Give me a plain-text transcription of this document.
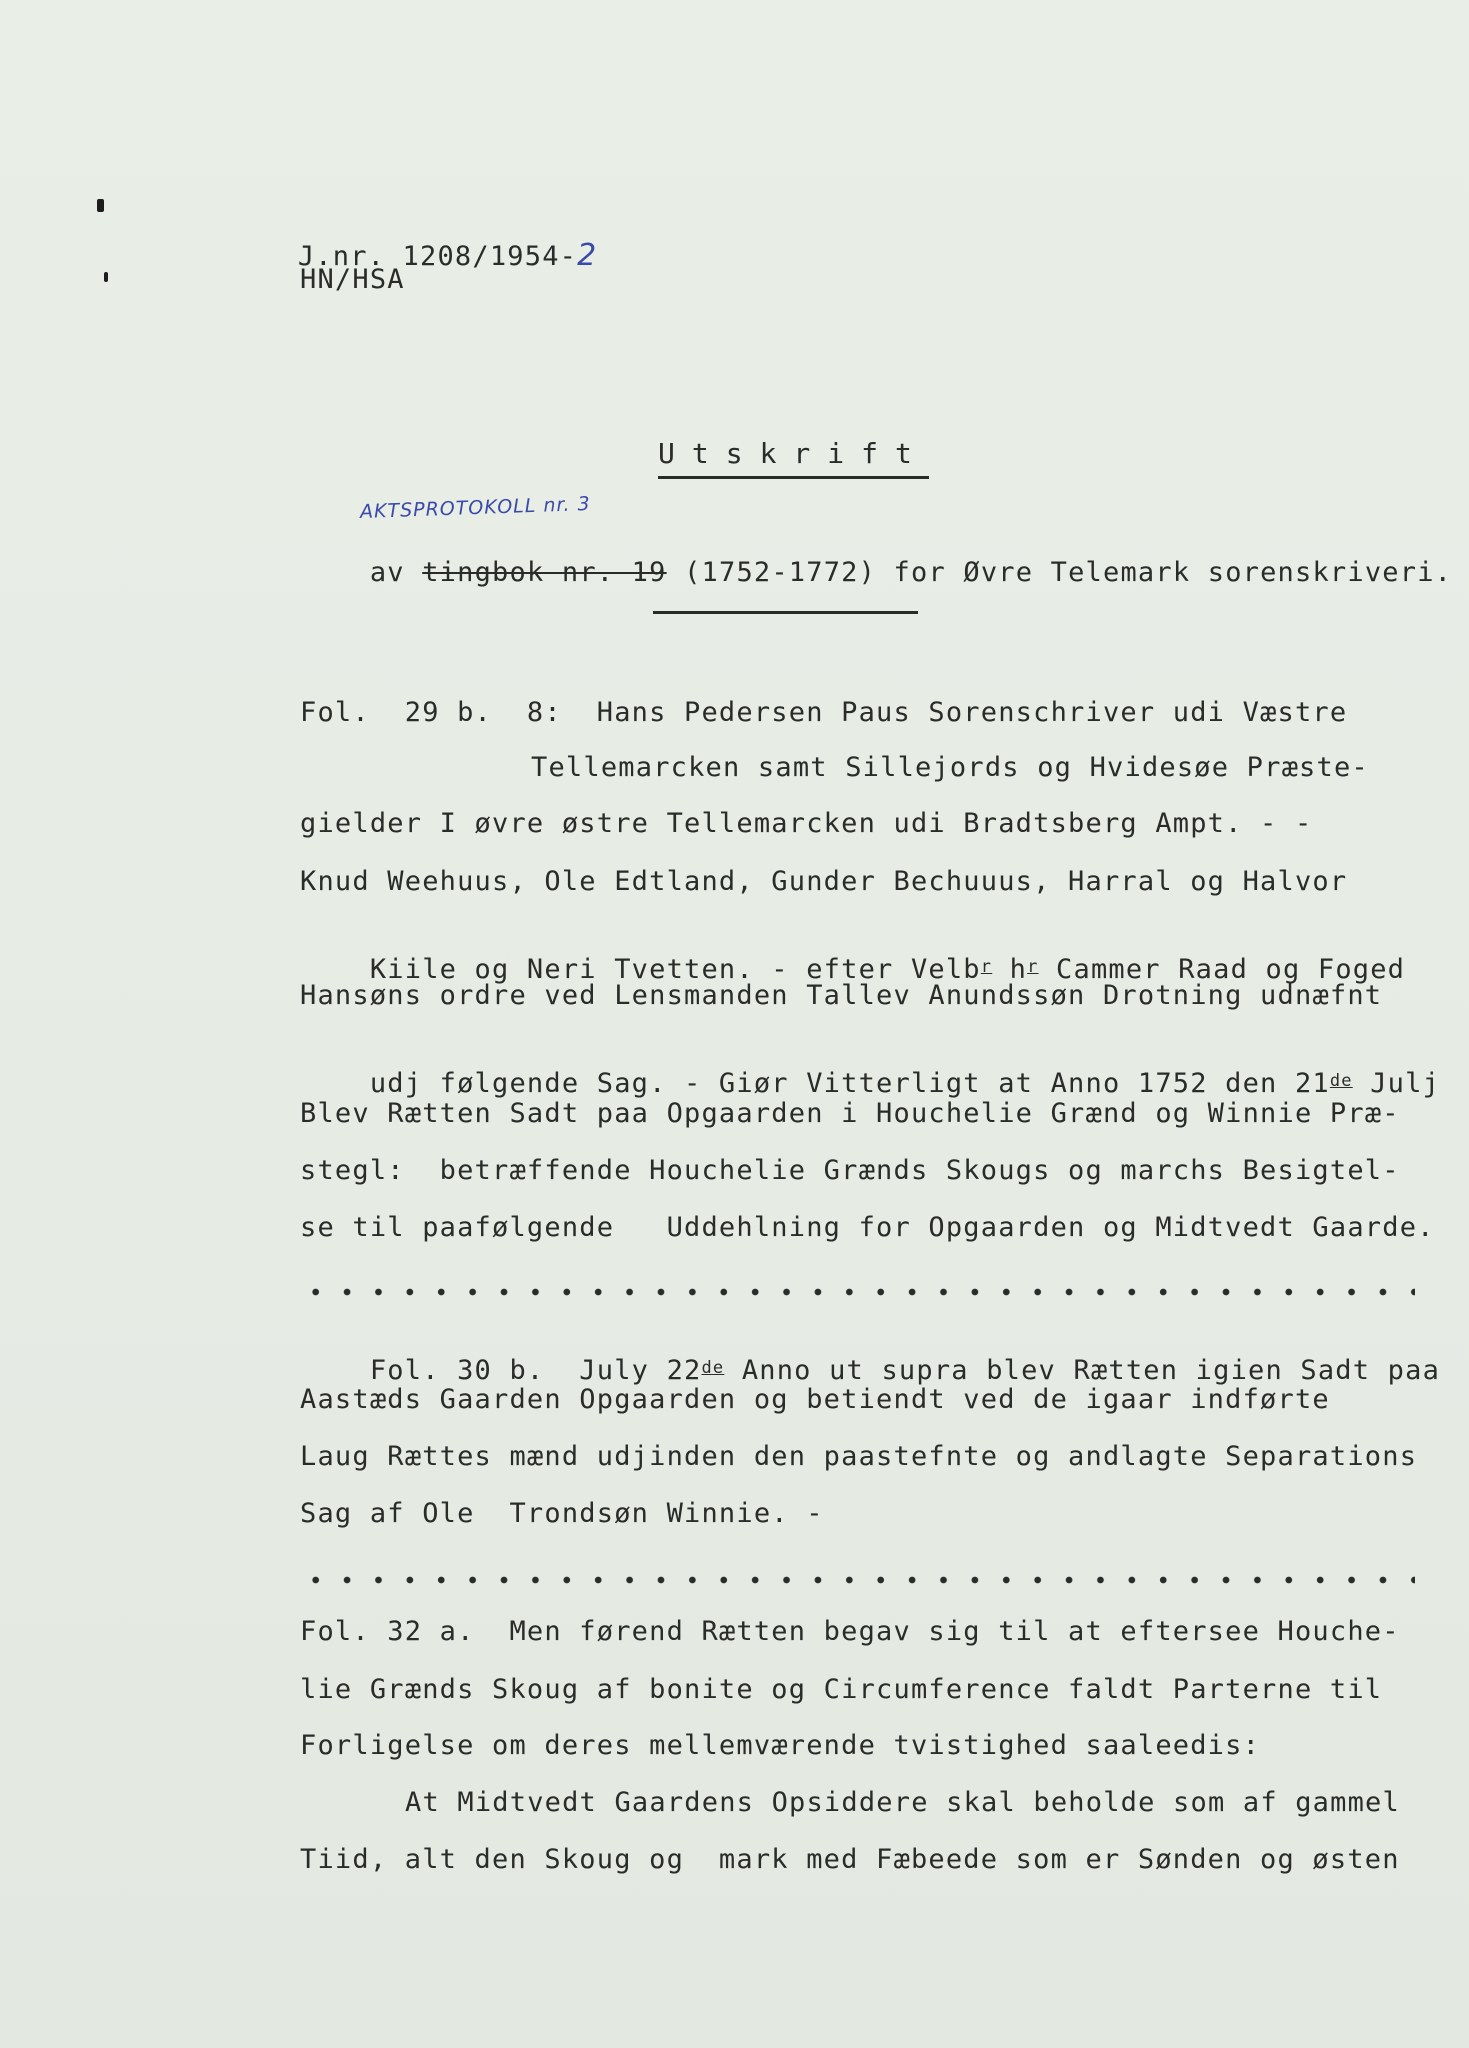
J.nr. 1208/1954-2

HN/HSA
Utskrift
AKTSPROTOKOLL nr. 3

av tingbok nr. 19 (1752-1772) for Øvre Telemark sorenskriveri.

Fol.  29 b.  8:  Hans Pedersen Paus Sorenschriver udi Væstre
Tellemarcken samt Sillejords og Hvidesøe Præste-
gielder I øvre østre Tellemarcken udi Bradtsberg Ampt. - -
Knud Weehuus, Ole Edtland, Gunder Bechuuus, Harral og Halvor

Kiile og Neri Tvetten. - efter Velb$^r$ $h^r$ Cammer Raad og Foged

Hansøns ordre ved Lensmanden Tallev Anundssøn Drotning udnæfnt

udj følgende Sag. - Giør Vitterligt at Anno 1752 den 21de Julj

Blev Rætten Sadt paa Opgaarden i Houchelie Grænd og Winnie Præ-
stegl:  betræffende Houchelie Grænds Skougs og marchs Besigtel-
se til paafølgende   Uddehlning for Opgaarden og Midtvedt Gaarde.

Fol. 30 b.  July 22de Anno ut supra blev Rætten igien Sadt paa

Aastæds Gaarden Opgaarden og betiendt ved de igaar indførte
Laug Rættes mænd udjinden den paastefnte og andlagte Separations
Sag af Ole  Trondsøn Winnie. -
Fol. 32 a.  Men førend Rætten begav sig til at eftersee Houche-
lie Grænds Skoug af bonite og Circumference faldt Parterne til
Forligelse om deres mellemværende tvistighed saaleedis:
At Midtvedt Gaardens Opsiddere skal beholde som af gammel
Tiid, alt den Skoug og  mark med Fæbeede som er Sønden og østen
